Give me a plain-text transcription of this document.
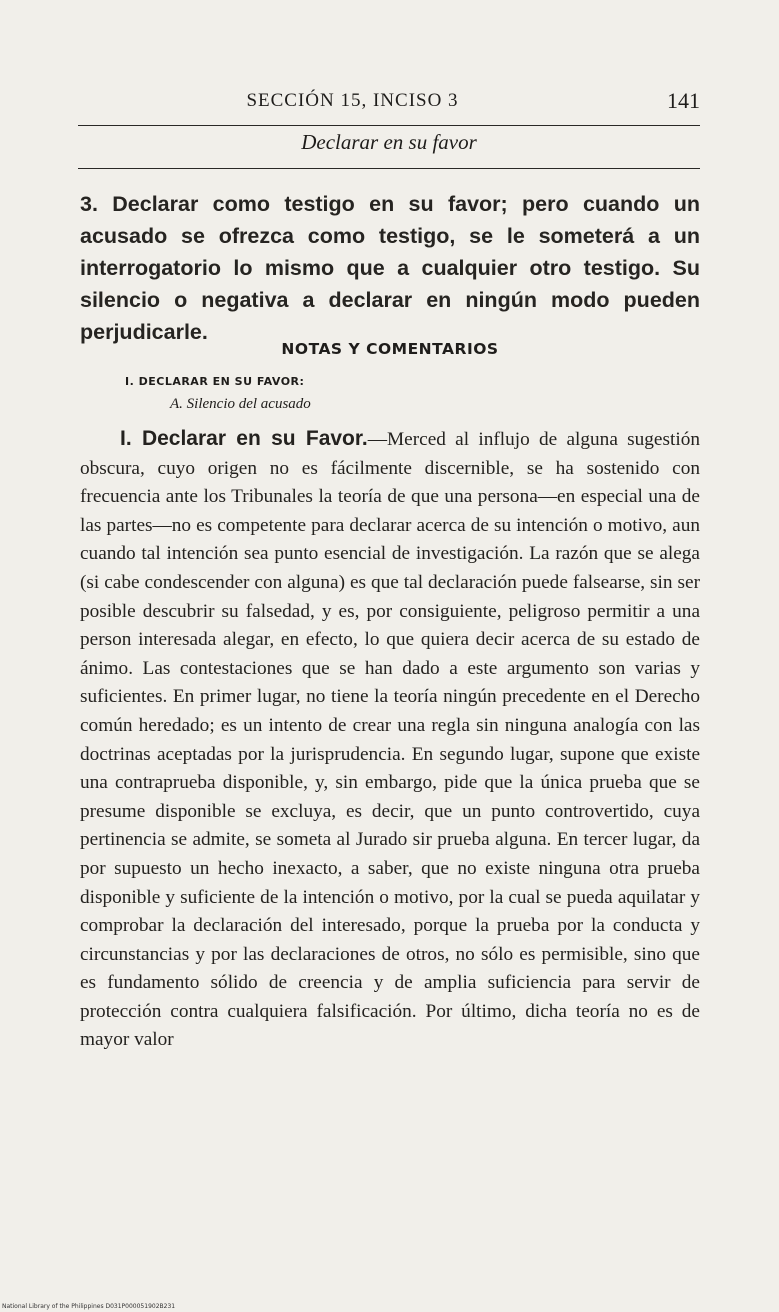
SECCIÓN 15, INCISO 3	141
Declarar en su favor
3. Declarar como testigo en su favor; pero cuando un acusado se ofrezca como testigo, se le someterá a un interrogatorio lo mismo que a cualquier otro testigo. Su silencio o negativa a declarar en ningún modo pueden perjudicarle.
NOTAS Y COMENTARIOS
I. DECLARAR EN SU FAVOR:
A. Silencio del acusado
I. Declarar en su Favor.—Merced al influjo de alguna sugestión obscura, cuyo origen no es fácilmente discernible, se ha sostenido con frecuencia ante los Tribunales la teoría de que una persona—en especial una de las partes—no es competente para declarar acerca de su intención o motivo, aun cuando tal intención sea punto esencial de investigación. La razón que se alega (si cabe condescender con alguna) es que tal declaración puede falsearse, sin ser posible descubrir su falsedad, y es, por consiguiente, peligroso permitir a una person interesada alegar, en efecto, lo que quiera decir acerca de su estado de ánimo. Las contestaciones que se han dado a este argumento son varias y suficientes. En primer lugar, no tiene la teoría ningún precedente en el Derecho común heredado; es un intento de crear una regla sin ninguna analogía con las doctrinas aceptadas por la jurisprudencia. En segundo lugar, supone que existe una contraprueba disponible, y, sin embargo, pide que la única prueba que se presume disponible se excluya, es decir, que un punto controvertido, cuya pertinencia se admite, se someta al Jurado sir prueba alguna. En tercer lugar, da por supuesto un hecho inexacto, a saber, que no existe ninguna otra prueba disponible y suficiente de la intención o motivo, por la cual se pueda aquilatar y comprobar la declaración del interesado, porque la prueba por la conducta y circunstancias y por las declaraciones de otros, no sólo es permisible, sino que es fundamento sólido de creencia y de amplia suficiencia para servir de protección contra cualquiera falsificación. Por último, dicha teoría no es de mayor valor
National Library of the Philippines D031P000051902B231
